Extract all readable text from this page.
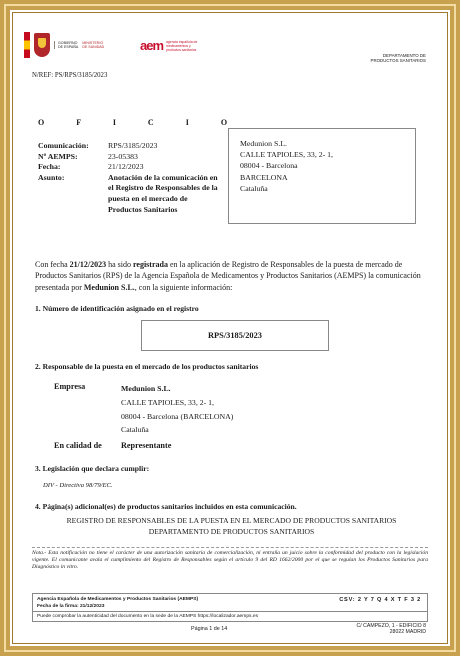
GOBIERNO
DE ESPAÑA
MINISTERIO
DE SANIDAD	aem agencia española de
medicamentos y
productos sanitarios
DEPARTAMENTO DE
PRODUCTOS SANITARIOS
N/REF: PS/RPS/3185/2023
O F I C I O
Comunicación:	RPS/3185/2023
Nº AEMPS:	23-05383
Fecha:	21/12/2023
Asunto:	Anotación de la comunicación en el Registro de Responsables de la puesta en el mercado de Productos Sanitarios
Medunion S.L.
CALLE TAPIOLES, 33, 2- 1,
08004 - Barcelona
BARCELONA
Cataluña
Con fecha 21/12/2023 ha sido registrada en la aplicación de Registro de Responsables de la puesta de mercado de Productos Sanitarios (RPS) de la Agencia Española de Medicamentos y Productos Sanitarios (AEMPS) la comunicación presentada por Medunion S.L., con la siguiente información:
1. Número de identificación asignado en el registro
RPS/3185/2023
2. Responsable de la puesta en el mercado de los productos sanitarios
Empresa	Medunion S.L.
CALLE TAPIOLES, 33, 2- 1,
08004 - Barcelona (BARCELONA)
Cataluña
En calidad de Representante
3. Legislación que declara cumplir:
DIV - Directiva 98/79/EC.
4. Página(s) adicional(es) de productos sanitarios incluidos en esta comunicación.
REGISTRO DE RESPONSABLES DE LA PUESTA EN EL MERCADO DE PRODUCTOS SANITARIOS
DEPARTAMENTO DE PRODUCTOS SANITARIOS
Nota.- Esta notificación no tiene el carácter de una autorización sanitaria de comercialización, ni entraña un juicio sobre la conformidad del producto con la legislación vigente. El comunicante avala el cumplimiento del Registro de Responsables según el artículo 9 del RD 1662/2000 por el que se regulan los Productos Sanitarios para Diagnóstico in vitro.
Agencia Española de Medicamentos y Productos Sanitarios (AEMPS)
Fecha de la firma: 21/12/2023
CSV: 2 Y 7 Q 4 X T F 3 2
Puede comprobar la autenticidad del documento en la sede de la AEMPS https://localizador.aemps.es
Página 1 de 14	C/ CAMPEZO, 1 - EDIFICIO 8
28022 MADRID
